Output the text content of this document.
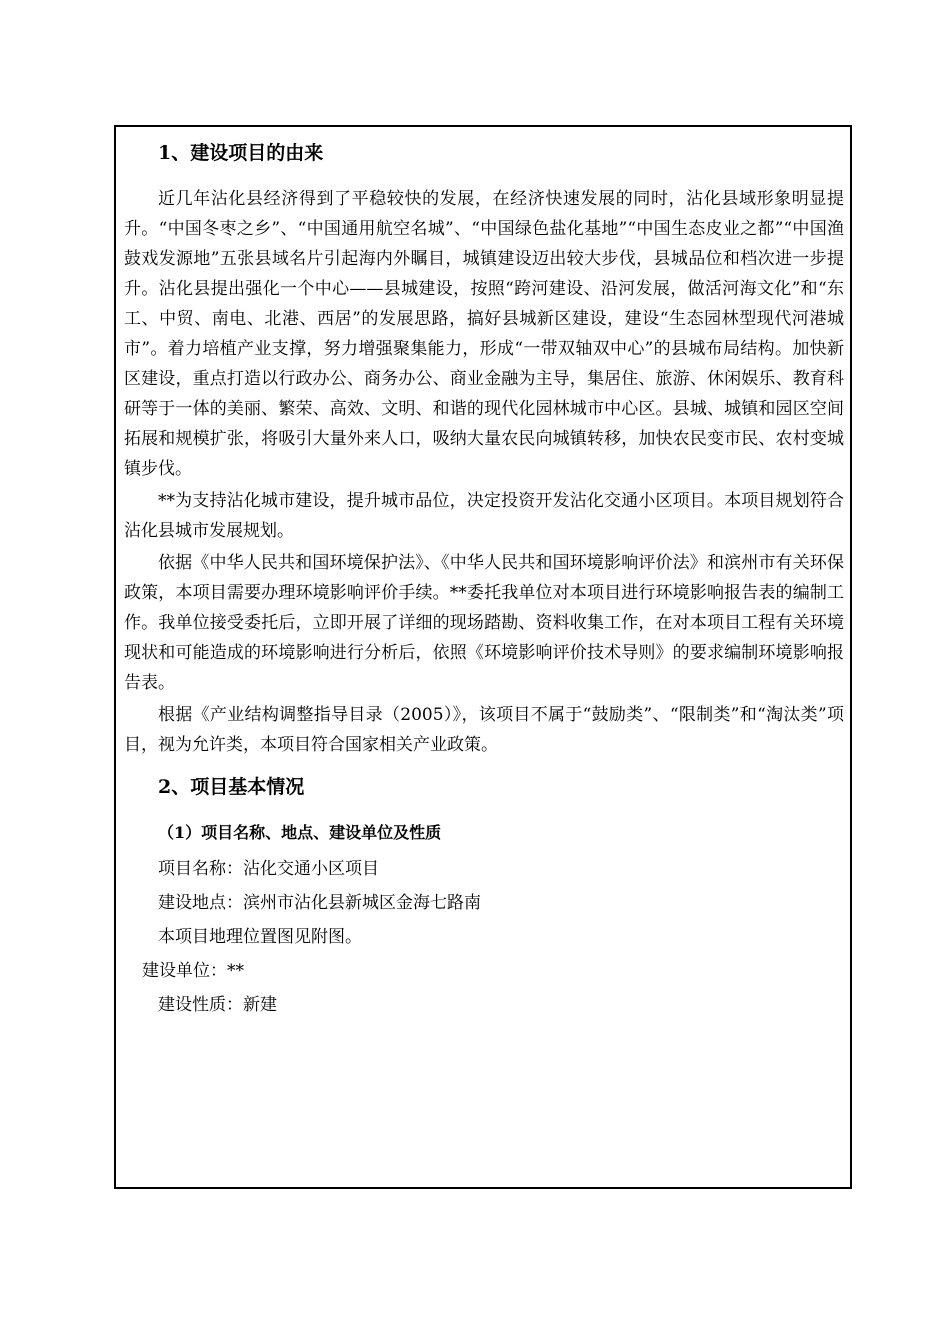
1、建设项目的由来

近几年沾化县经济得到了平稳较快的发展，在经济快速发展的同时，沾化县域形象明显提升。“中国冬枣之乡”、“中国通用航空名城”、“中国绿色盐化基地”“中国生态皮业之都”“中国渔鼓戏发源地”五张县域名片引起海内外瞩目，城镇建设迈出较大步伐，县城品位和档次进一步提升。沾化县提出强化一个中心——县城建设，按照“跨河建设、沿河发展，做活河海文化”和“东工、中贸、南电、北港、西居”的发展思路，搞好县城新区建设，建设“生态园林型现代河港城市”。着力培植产业支撑，努力增强聚集能力，形成“一带双轴双中心”的县城布局结构。加快新区建设，重点打造以行政办公、商务办公、商业金融为主导，集居住、旅游、休闲娱乐、教育科研等于一体的美丽、繁荣、高效、文明、和谐的现代化园林城市中心区。县城、城镇和园区空间拓展和规模扩张，将吸引大量外来人口，吸纳大量农民向城镇转移，加快农民变市民、农村变城镇步伐。

**为支持沾化城市建设，提升城市品位，决定投资开发沾化交通小区项目。本项目规划符合沾化县城市发展规划。

依据《中华人民共和国环境保护法》、《中华人民共和国环境影响评价法》和滨州市有关环保政策，本项目需要办理环境影响评价手续。**委托我单位对本项目进行环境影响报告表的编制工作。我单位接受委托后，立即开展了详细的现场踏勘、资料收集工作，在对本项目工程有关环境现状和可能造成的环境影响进行分析后，依照《环境影响评价技术导则》的要求编制环境影响报告表。

根据《产业结构调整指导目录（2005）》，该项目不属于“鼓励类”、“限制类”和“淘汰类”项目，视为允许类，本项目符合国家相关产业政策。

2、项目基本情况

（1）项目名称、地点、建设单位及性质

项目名称：沾化交通小区项目

建设地点：滨州市沾化县新城区金海七路南

本项目地理位置图见附图。

建设单位：**

建设性质：新建
